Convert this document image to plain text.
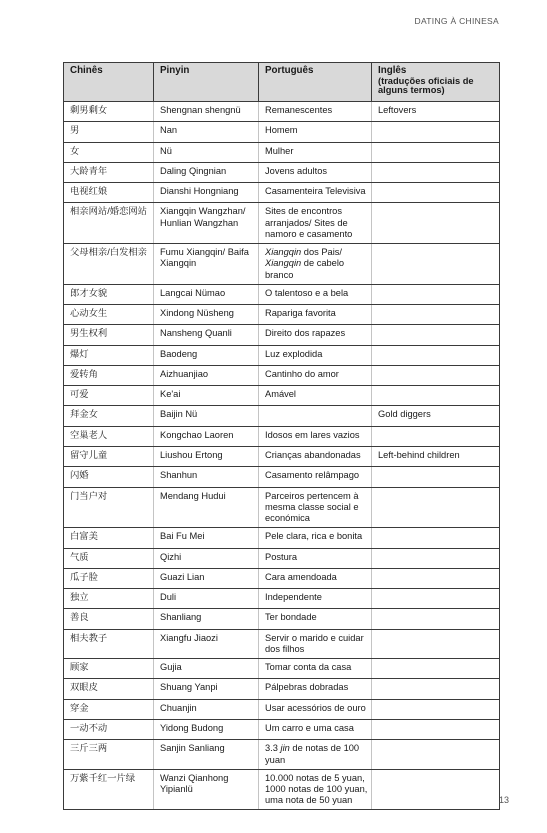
DATING À CHINESA
Chinês	Pinyin	Português	Inglês
(traduções oficiais de alguns termos)

剩男剩女	Shengnan shengnü	Remanescentes	Leftovers
男	Nan	Homem	
女	Nü	Mulher	
大龄青年	Daling Qingnian	Jovens adultos	
电视红娘	Dianshi Hongniang	Casamenteira Televisiva	
相亲网站/婚恋网站	Xiangqin Wangzhan/ Hunlian Wangzhan	Sites de encontros arranjados/ Sites de namoro e casamento	
父母相亲/白发相亲	Fumu Xiangqin/ Baifa Xiangqin	Xiangqin dos Pais/
Xiangqin de cabelo branco	
郎才女貌	Langcai Nümao	O talentoso e a bela	
心动女生	Xindong Nüsheng	Rapariga favorita	
男生权利	Nansheng Quanli	Direito dos rapazes	
爆灯	Baodeng	Luz explodida	
爱转角	Aizhuanjiao	Cantinho do amor	
可爱	Ke'ai	Amável	
拜金女	Baijin Nü		Gold diggers
空巢老人	Kongchao Laoren	Idosos em lares vazios	
留守儿童	Liushou Ertong	Crianças abandonadas	Left-behind children
闪婚	Shanhun	Casamento relâmpago	
门当户对	Mendang Hudui	Parceiros pertencem à mesma classe social e económica	
白富美	Bai Fu Mei	Pele clara, rica e bonita	
气质	Qizhi	Postura	
瓜子脸	Guazi Lian	Cara amendoada	
独立	Duli	Independente	
善良	Shanliang	Ter bondade	
相夫教子	Xiangfu Jiaozi	Servir o marido e cuidar dos filhos	
顾家	Gujia	Tomar conta da casa	
双眼皮	Shuang Yanpi	Pálpebras dobradas	
穿金	Chuanjin	Usar acessórios de ouro	
一动不动	Yidong Budong	Um carro e uma casa	
三斤三两	Sanjin Sanliang	3.3 jin de notas de 100 yuan	
万紫千红一片绿	Wanzi Qianhong Yipianlü	10.000 notas de 5 yuan, 1000 notas de 100 yuan, uma nota de 50 yuan		13
